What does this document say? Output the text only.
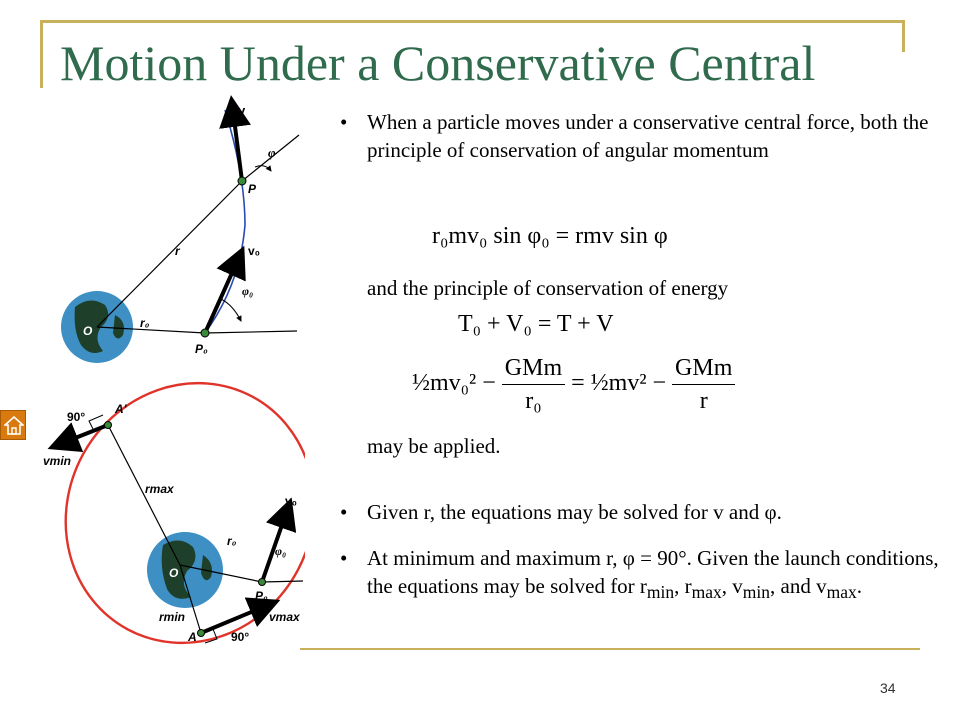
Motion Under a Conservative Central
v
φ
P
r	v₀
φ₀
O
r₀
P₀
90°
A'
vmin
rmax
v₀
r₀
φ₀
O
P₀
rmin	vmax
A	90°
• When a particle moves under a conservative central force, both the principle of conservation of angular momentum
r₀mv₀ sin φ₀ = rmv sin φ
and the principle of conservation of energy
T₀ + V₀ = T + V
½mv₀² −
GMm
r₀
= ½mv² −
GMm
r
may be applied.
• Given r, the equations may be solved for v and φ.
• At minimum and maximum r, φ = 90°. Given the launch conditions, the equations may be solved for $r_{min}$, $r_{max}$, $v_{min}$, and $v_{max}$.
34
